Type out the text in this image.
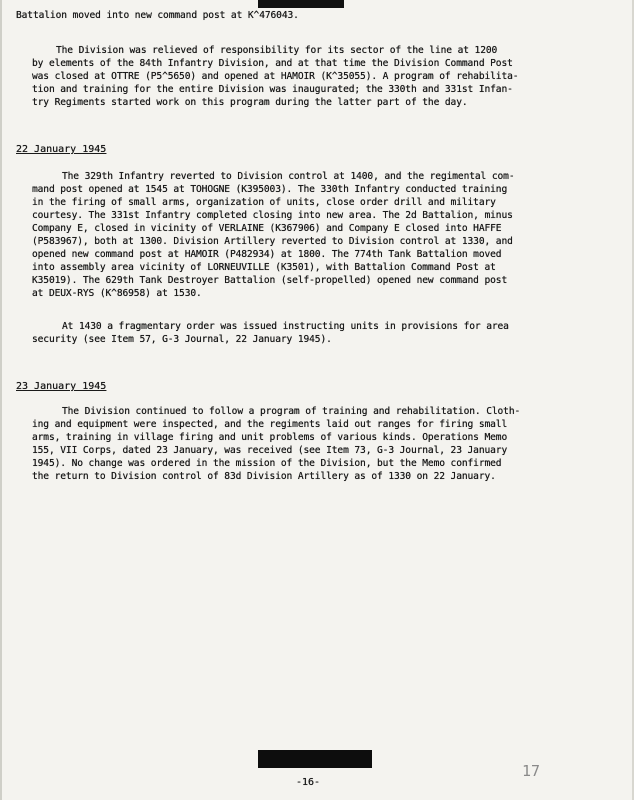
Battalion moved into new command post at K^476043.
The Division was relieved of responsibility for its sector of the line at 1200
by elements of the 84th Infantry Division, and at that time the Division Command Post
was closed at OTTRE (P5^5650) and opened at HAMOIR (K^35055). A program of rehabilita-
tion and training for the entire Division was inaugurated; the 330th and 331st Infan-
try Regiments started work on this program during the latter part of the day.
22 January 1945
The 329th Infantry reverted to Division control at 1400, and the regimental com-
mand post opened at 1545 at TOHOGNE (K395003). The 330th Infantry conducted training
in the firing of small arms, organization of units, close order drill and military
courtesy. The 331st Infantry completed closing into new area. The 2d Battalion, minus
Company E, closed in vicinity of VERLAINE (K367906) and Company E closed into HAFFE
(P583967), both at 1300. Division Artillery reverted to Division control at 1330, and
opened new command post at HAMOIR (P482934) at 1800. The 774th Tank Battalion moved
into assembly area vicinity of LORNEUVILLE (K3501), with Battalion Command Post at
K35019). The 629th Tank Destroyer Battalion (self-propelled) opened new command post
at DEUX-RYS (K^86958) at 1530.
At 1430 a fragmentary order was issued instructing units in provisions for area
security (see Item 57, G-3 Journal, 22 January 1945).
23 January 1945
The Division continued to follow a program of training and rehabilitation. Cloth-
ing and equipment were inspected, and the regiments laid out ranges for firing small
arms, training in village firing and unit problems of various kinds. Operations Memo
155, VII Corps, dated 23 January, was received (see Item 73, G-3 Journal, 23 January
1945). No change was ordered in the mission of the Division, but the Memo confirmed
the return to Division control of 83d Division Artillery as of 1330 on 22 January.
-16-
17
